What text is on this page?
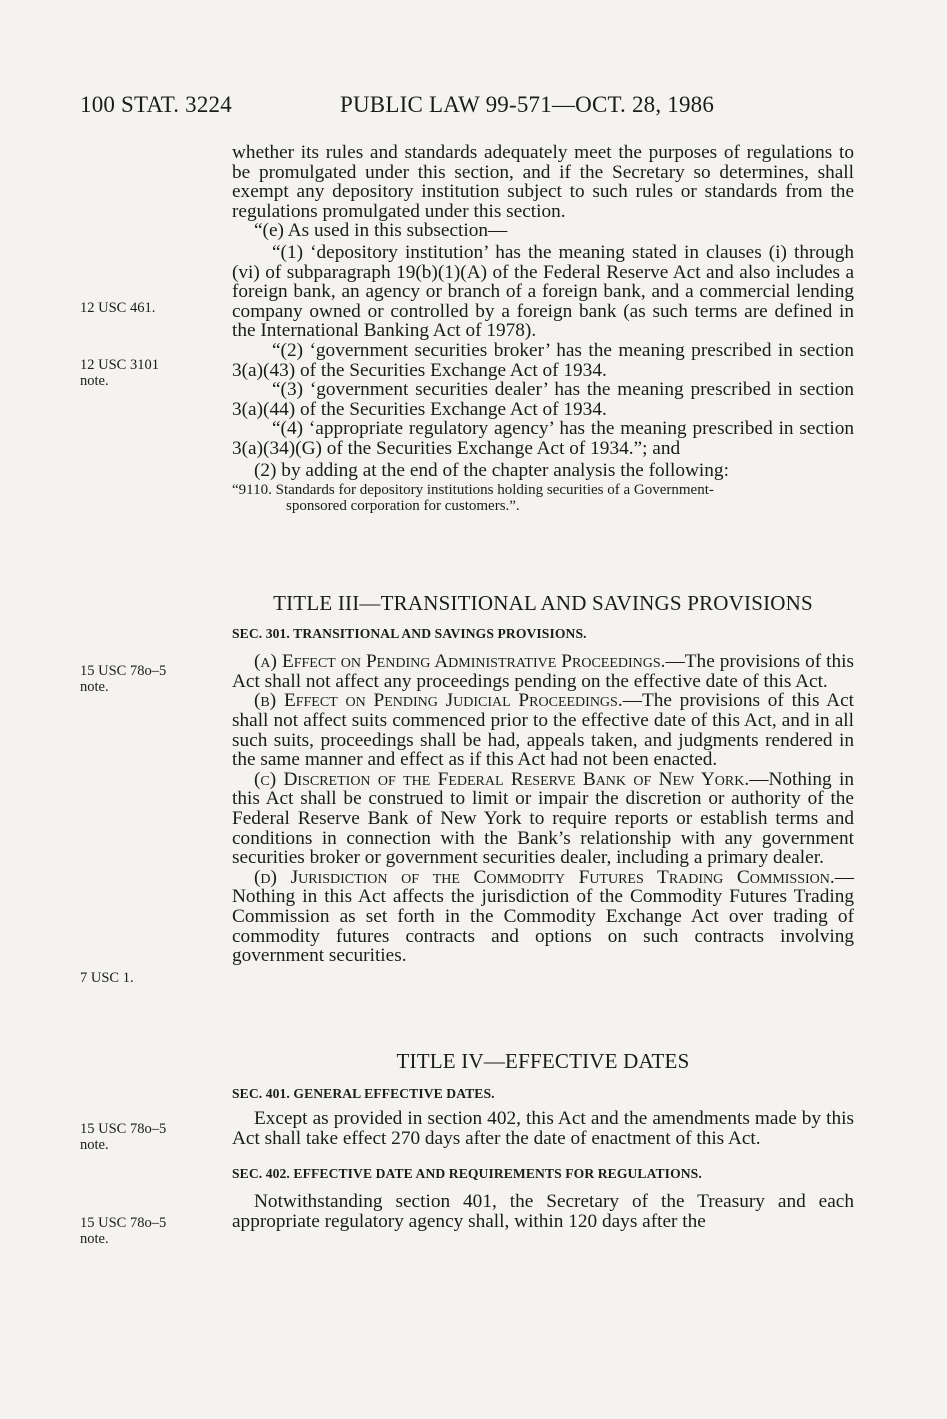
100 STAT. 3224	PUBLIC LAW 99-571—OCT. 28, 1986
12 USC 461.
12 USC 3101
note.
15 USC 78o–5
note.
7 USC 1.
15 USC 78o–5
note.
15 USC 78o–5
note.

whether its rules and standards adequately meet the purposes of regulations to be promulgated under this section, and if the Secretary so determines, shall exempt any depository institution subject to such rules or standards from the regulations promulgated under this section.

“(e) As used in this subsection—

“(1) ‘depository institution’ has the meaning stated in clauses (i) through (vi) of subparagraph 19(b)(1)(A) of the Federal Reserve Act and also includes a foreign bank, an agency or branch of a foreign bank, and a commercial lending company owned or controlled by a foreign bank (as such terms are defined in the International Banking Act of 1978).

“(2) ‘government securities broker’ has the meaning prescribed in section 3(a)(43) of the Securities Exchange Act of 1934.

“(3) ‘government securities dealer’ has the meaning prescribed in section 3(a)(44) of the Securities Exchange Act of 1934.

“(4) ‘appropriate regulatory agency’ has the meaning prescribed in section 3(a)(34)(G) of the Securities Exchange Act of 1934.”; and

(2) by adding at the end of the chapter analysis the following:

“9110. Standards for depository institutions holding securities of a Government-
sponsored corporation for customers.”.

TITLE III—TRANSITIONAL AND SAVINGS PROVISIONS

SEC. 301. TRANSITIONAL AND SAVINGS PROVISIONS.

(a) Effect on Pending Administrative Proceedings.—The provisions of this Act shall not affect any proceedings pending on the effective date of this Act.

(b) Effect on Pending Judicial Proceedings.—The provisions of this Act shall not affect suits commenced prior to the effective date of this Act, and in all such suits, proceedings shall be had, appeals taken, and judgments rendered in the same manner and effect as if this Act had not been enacted.

(c) Discretion of the Federal Reserve Bank of New York.—Nothing in this Act shall be construed to limit or impair the discretion or authority of the Federal Reserve Bank of New York to require reports or establish terms and conditions in connection with the Bank’s relationship with any government securities broker or government securities dealer, including a primary dealer.

(d) Jurisdiction of the Commodity Futures Trading Commission.—Nothing in this Act affects the jurisdiction of the Commodity Futures Trading Commission as set forth in the Commodity Exchange Act over trading of commodity futures contracts and options on such contracts involving government securities.

TITLE IV—EFFECTIVE DATES

SEC. 401. GENERAL EFFECTIVE DATES.

Except as provided in section 402, this Act and the amendments made by this Act shall take effect 270 days after the date of enactment of this Act.

SEC. 402. EFFECTIVE DATE AND REQUIREMENTS FOR REGULATIONS.

Notwithstanding section 401, the Secretary of the Treasury and each appropriate regulatory agency shall, within 120 days after the
